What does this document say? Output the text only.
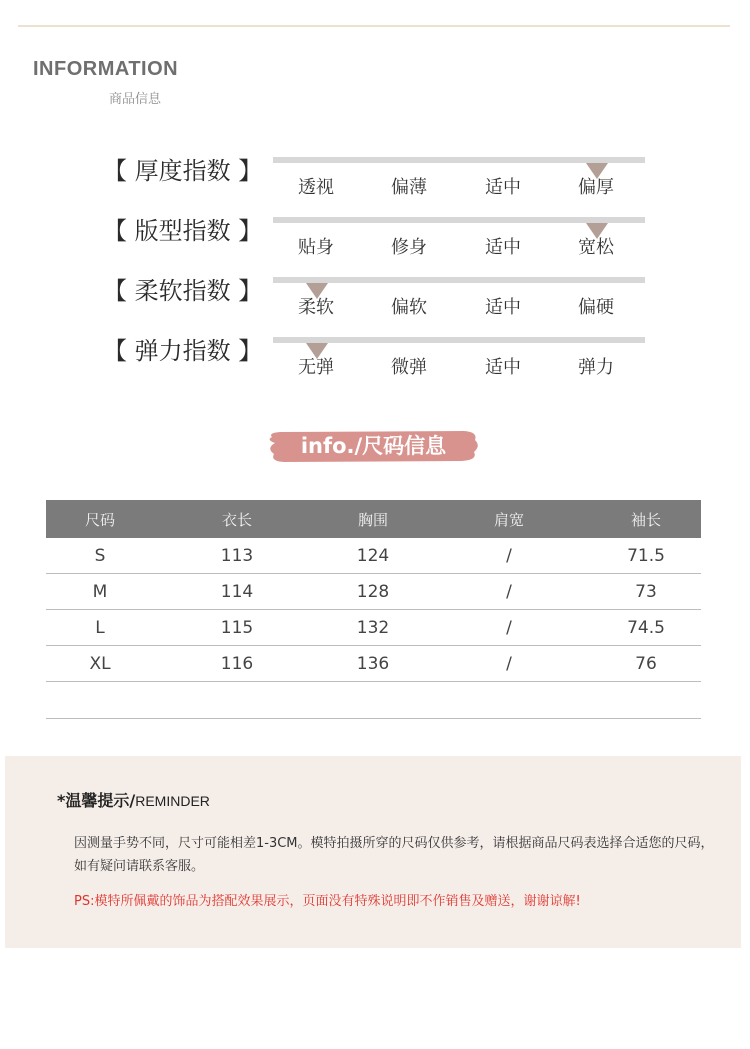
INFORMATION
商品信息
【 厚度指数 】
透视	偏薄	适中	偏厚
【 版型指数 】
贴身	修身	适中	宽松
【 柔软指数 】
柔软	偏软	适中	偏硬
【 弹力指数 】
无弹	微弹	适中	弹力
info./尺码信息
尺码	衣长	胸围	肩宽	袖长
S	113	124	/	71.5
M	114	128	/	73
L	115	132	/	74.5
XL	116	136	/	76
*温馨提示/REMINDER
因测量手势不同，尺寸可能相差1-3CM。模特拍摄所穿的尺码仅供参考，请根据商品尺码表选择合适您的尺码，如有疑问请联系客服。
PS:模特所佩戴的饰品为搭配效果展示，页面没有特殊说明即不作销售及赠送，谢谢谅解!
